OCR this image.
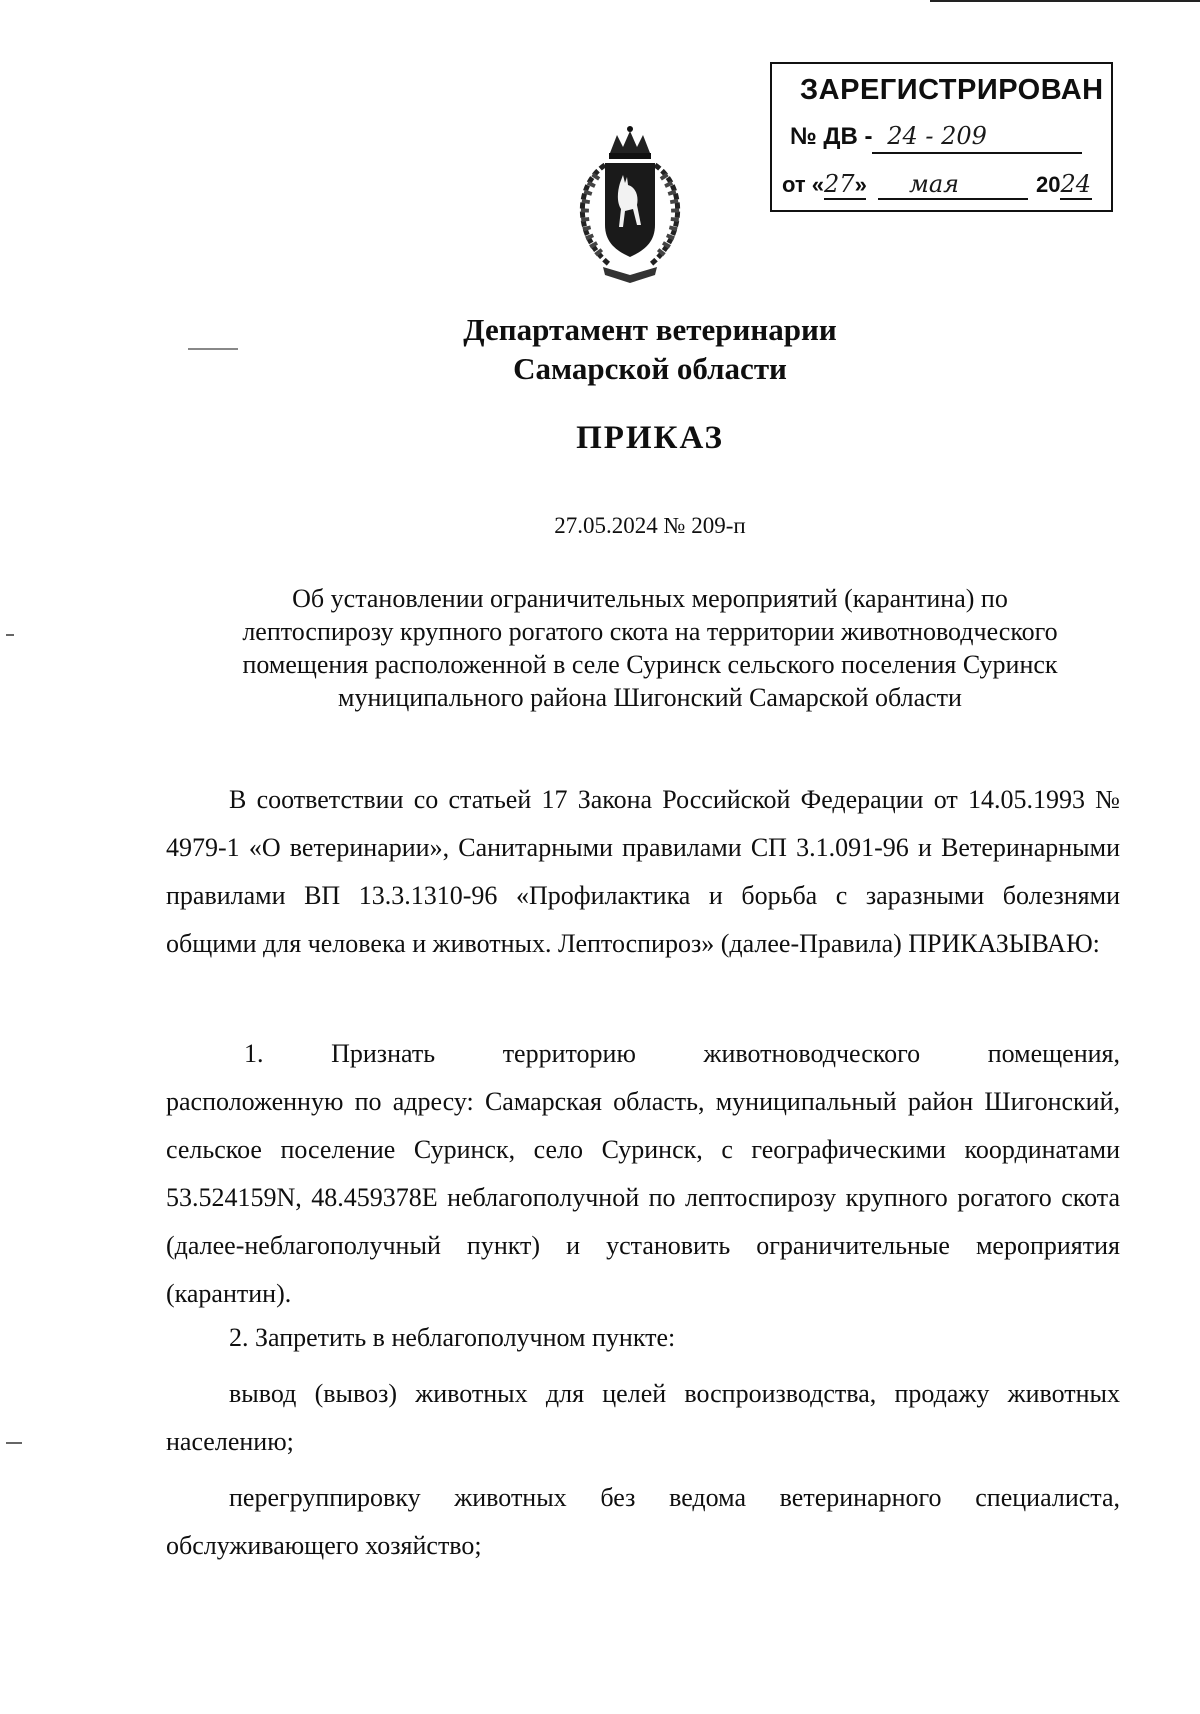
ЗАРЕГИСТРИРОВАН
№ ДВ - 24 - 209
от «27» мая	2024
Департамент ветеринарии
Самарской области
ПРИКАЗ
27.05.2024 № 209-п
Об установлении ограничительных мероприятий (карантина) по
лептоспирозу крупного рогатого скота на территории животноводческого
помещения расположенной в селе Суринск сельского поселения Суринск
муниципального района Шигонский Самарской области
В соответствии со статьей 17 Закона Российской Федерации от 14.05.1993 № 4979-1 «О ветеринарии», Санитарными правилами СП 3.1.091-96 и Ветеринарными правилами ВП 13.3.1310-96 «Профилактика и борьба с заразными болезнями общими для человека и животных. Лептоспироз» (далее-Правила) ПРИКАЗЫВАЮ:
1.	Признать	территорию	животноводческого	помещения,
расположенную по адресу: Самарская область, муниципальный район Шигонский, сельское поселение Суринск, село Суринск, с географическими координатами 53.524159N, 48.459378E неблагополучной по лептоспирозу крупного рогатого скота (далее-неблагополучный пункт) и установить ограничительные мероприятия (карантин).
2. Запретить в неблагополучном пункте:
вывод (вывоз) животных для целей воспроизводства, продажу животных населению;
перегруппировку животных без ведома ветеринарного специалиста, обслуживающего хозяйство;
